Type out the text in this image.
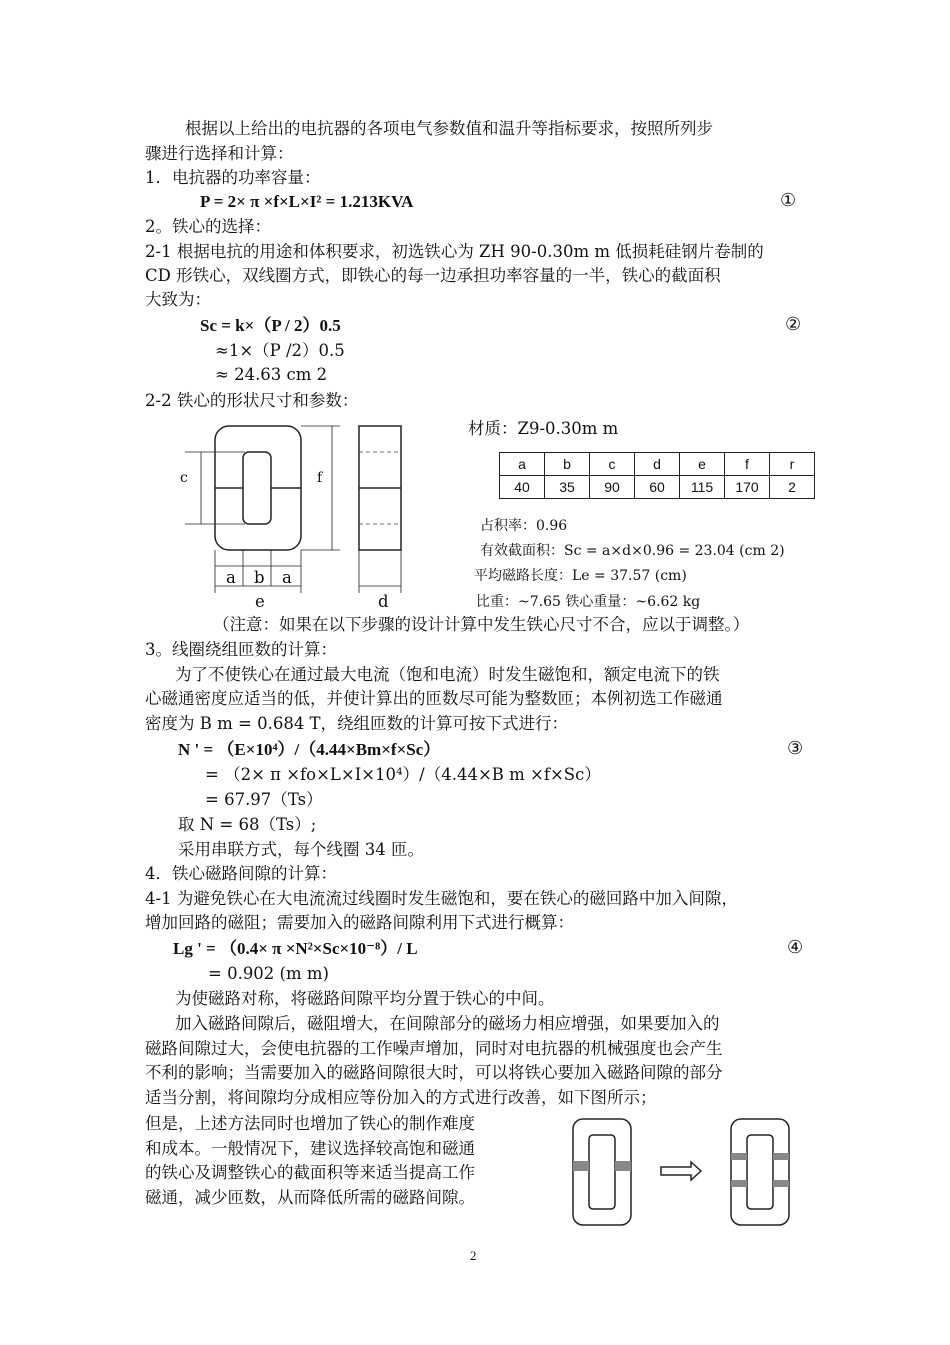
根据以上给出的电抗器的各项电气参数值和温升等指标要求，按照所列步
骤进行选择和计算：
1．电抗器的功率容量：
P = 2× π ×f×L×I² = 1.213KVA	①
2。铁心的选择：
2-1 根据电抗的用途和体积要求，初选铁心为 ZH 90-0.30m m 低损耗硅钢片卷制的
CD 形铁心，双线圈方式，即铁心的每一边承担功率容量的一半，铁心的截面积
大致为：
Sc = k×（P / 2）0.5	②
≈1×（P /2）0.5
≈ 24.63 cm 2
2-2 铁心的形状尺寸和参数：
c	f
a b a
e	d
材质：Z9-0.30m m
a	b	c	d	e	f	r
40	35	90	60	115	170	2
占积率：0.96
有效截面积：Sc = a×d×0.96 = 23.04 (cm 2)
平均磁路长度：Le = 37.57 (cm)
比重：~7.65 铁心重量：~6.62 kg
（注意：如果在以下步骤的设计计算中发生铁心尺寸不合，应以于调整。）
3。线圈绕组匝数的计算：
为了不使铁心在通过最大电流（饱和电流）时发生磁饱和，额定电流下的铁
心磁通密度应适当的低，并使计算出的匝数尽可能为整数匝；本例初选工作磁通
密度为 B m = 0.684 T，绕组匝数的计算可按下式进行：
N ' = （E×10⁴）/（4.44×Bm×f×Sc）	③
= （2× π ×fo×L×I×10⁴）/（4.44×B m ×f×Sc）
= 67.97（Ts）
取 N = 68（Ts）;
采用串联方式，每个线圈 34 匝。
4．铁心磁路间隙的计算：
4-1 为避免铁心在大电流流过线圈时发生磁饱和，要在铁心的磁回路中加入间隙，
增加回路的磁阻；需要加入的磁路间隙利用下式进行概算：
Lg ' = （0.4× π ×N²×Sc×10⁻⁸）/ L	④
= 0.902 (m m)
为使磁路对称，将磁路间隙平均分置于铁心的中间。
加入磁路间隙后，磁阻增大，在间隙部分的磁场力相应增强，如果要加入的
磁路间隙过大，会使电抗器的工作噪声增加，同时对电抗器的机械强度也会产生
不利的影响；当需要加入的磁路间隙很大时，可以将铁心要加入磁路间隙的部分
适当分割，将间隙均分成相应等份加入的方式进行改善，如下图所示；
但是，上述方法同时也增加了铁心的制作难度
和成本。一般情况下，建议选择较高饱和磁通
的铁心及调整铁心的截面积等来适当提高工作
磁通，减少匝数，从而降低所需的磁路间隙。
2
